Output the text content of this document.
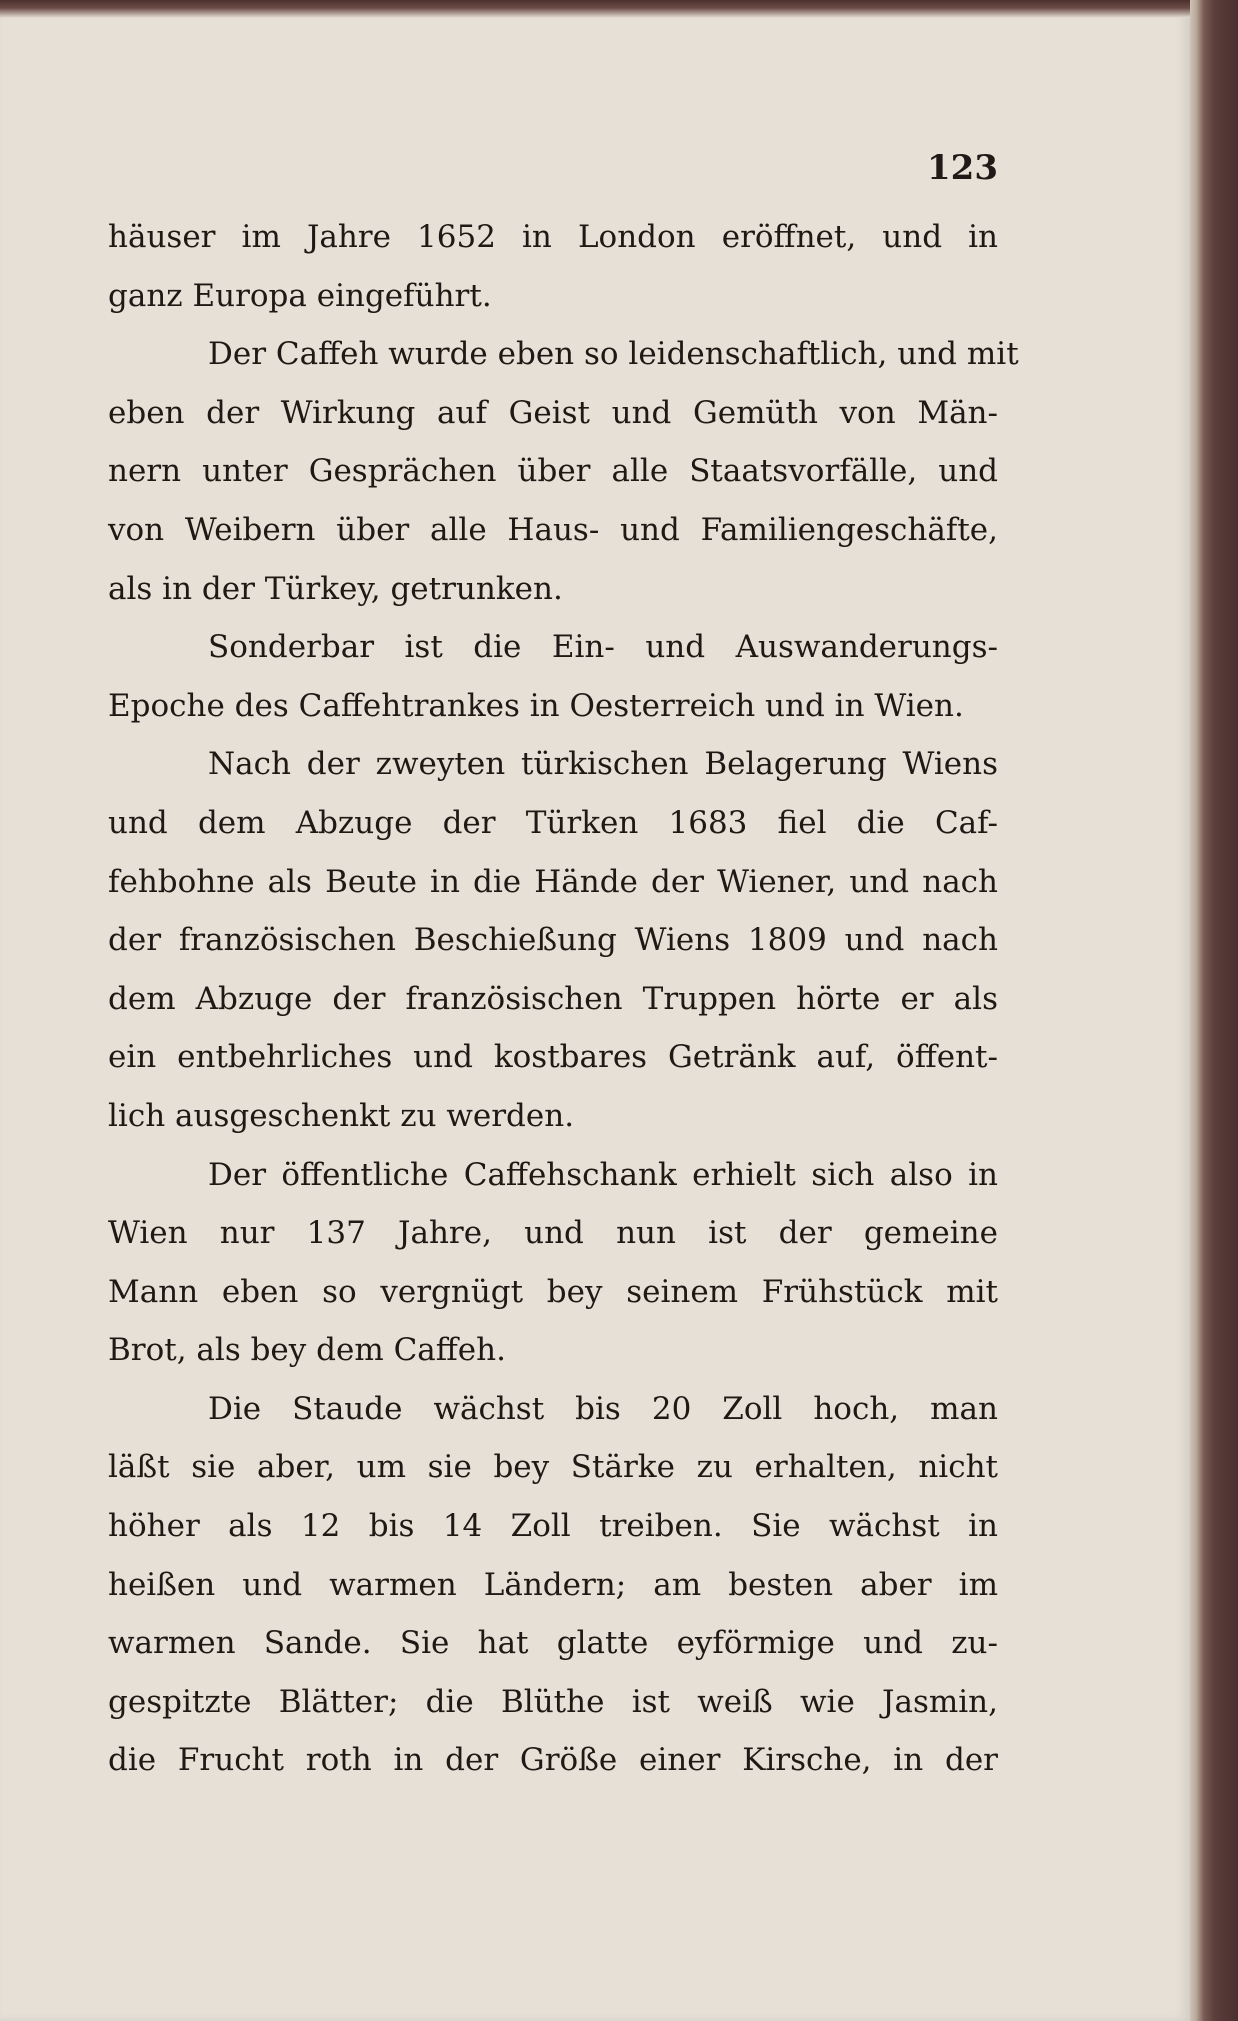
123
häuser im Jahre 1652 in London eröffnet, und in
ganz Europa eingeführt.
Der Caffeh wurde eben so leidenschaftlich, und mit
eben der Wirkung auf Geist und Gemüth von Män-
nern unter Gesprächen über alle Staatsvorfälle, und
von Weibern über alle Haus- und Familiengeschäfte,
als in der Türkey, getrunken.
Sonderbar ist die Ein- und Auswanderungs-
Epoche des Caffehtrankes in Oesterreich und in Wien.
Nach der zweyten türkischen Belagerung Wiens
und dem Abzuge der Türken 1683 fiel die Caf-
fehbohne als Beute in die Hände der Wiener, und nach
der französischen Beschießung Wiens 1809 und nach
dem Abzuge der französischen Truppen hörte er als
ein entbehrliches und kostbares Getränk auf, öffent-
lich ausgeschenkt zu werden.
Der öffentliche Caffehschank erhielt sich also in
Wien nur 137 Jahre, und nun ist der gemeine
Mann eben so vergnügt bey seinem Frühstück mit
Brot, als bey dem Caffeh.
Die Staude wächst bis 20 Zoll hoch, man
läßt sie aber, um sie bey Stärke zu erhalten, nicht
höher als 12 bis 14 Zoll treiben. Sie wächst in
heißen und warmen Ländern; am besten aber im
warmen Sande. Sie hat glatte eyförmige und zu-
gespitzte Blätter; die Blüthe ist weiß wie Jasmin,
die Frucht roth in der Größe einer Kirsche, in der
